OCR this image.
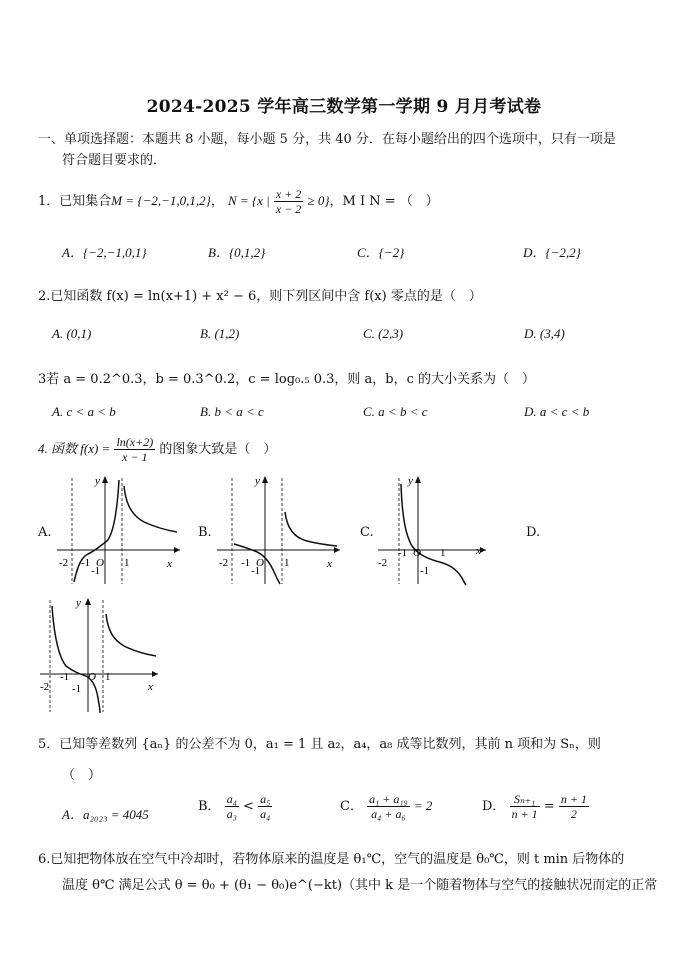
2024-2025 学年高三数学第一学期 9 月月考试卷
一、单项选择题：本题共 8 小题，每小题 5 分，共 40 分．在每小题给出的四个选项中，只有一项是
符合题目要求的．
1．已知集合M = {−2,−1,0,1,2}， N = {x | $\frac{x + 2}{x - 2} \ge 0$}，M I N = （　）
A．{−2,−1,0,1}	B．{0,1,2}	C．{−2}	D．{−2,2}
2.已知函数 f(x) = ln(x+1) + x² − 6，则下列区间中含 f(x) 零点的是（　）
A. (0,1)	B. (1,2)	C. (2,3)	D. (3,4)
3若 a = 0.2^0.3，b = 0.3^0.2，c = log₀.₅ 0.3，则 a，b，c 的大小关系为（　）
A. c < a < b	B. b < a < c	C. a < b < c	D. a < c < b
4. 函数 $f(x) = \frac{\ln(x+2)}{x - 1}$ 的图象大致是（　）
A.	B.	C.	D.
-2 -1 O 1
-1
x
y
-2 -1 O 1
-1
x
y
-2
-1 O 1
-1
x
y
-2
-1 O 1
-1	x
y
5．已知等差数列 {aₙ} 的公差不为 0，a₁ = 1 且 a₂，a₄，a₈ 成等比数列，其前 n 项和为 Sₙ，则
（　）
A．a₂₀₂₃ = 4045
B． $\frac{\text{a₄}}{\text{a₃}} < \frac{\text{a₅}}{\text{a₄}}$	C． $\frac{\text{a₁ + a₁₉}}{\text{a₄ + a₆}} = 2$	D． $\frac{\text{Sₙ₊₁}}{n + 1} = \frac{n + 1}{2}$
6.已知把物体放在空气中冷却时，若物体原来的温度是 θ₁℃，空气的温度是 θ₀℃，则 t min 后物体的
温度 θ℃ 满足公式 θ = θ₀ + (θ₁ − θ₀)e^(−kt)（其中 k 是一个随着物体与空气的接触状况而定的正常
